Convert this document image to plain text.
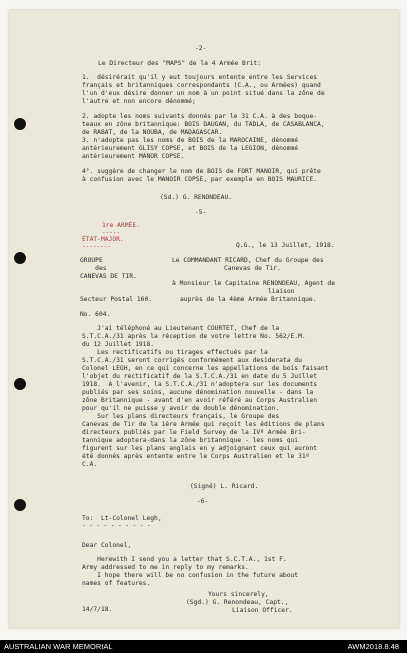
-2-

Le Directeur des "MAPS" de la 4 Armée Brit:

1.  désirérait qu'il y eut toujours entente entre les Services

français et britanniques correspondants (C.A., ou Armées) quand

l'un d'eux désire donner un nom à un point situé dans la zône de

l'autre et non encore dénommé;

2. adopte les noms suivants donnés par le 31 C.A. à des boque-

teaux en zône britannique: BOIS DAUGAN, du TADLA, de CASABLANCA,

de RABAT, de la NOUBA, de MADAGASCAR.

3. n'adopte pas les noms de BOIS de la MAROCAINE, dénommé

antérieurement GLISY COPSE, et BOIS de la LEGION, dénommé

antérieurement MANOR COPSE.

4°. suggère de changer le nom de BOIS de FORT MANOIR, qui prête

à confusion avec le MANOIR COPSE, par exemple en BOIS MAURICE.

(Sd.) G. RENONDEAU.

-5-

1re ARMÉE.

-----

ÉTAT-MAJOR.

--------	Q.G., le 13 Juillet, 1918.

GROUPE

des

CANEVAS DE TIR.

Le COMMANDANT RICARD, Chef du Groupe des

Canevas de Tir.

à Monsieur le Capitaine RENONDEAU, Agent de

liaison

Secteur Postal 160.	auprès de la 4ème Armée Britannique.

No. 604.

J'ai téléphoné au Lieutenant COURTET, Chef de la

S.T.C.A./31 après la réception de votre lettre No. 562/E.M.

du 12 Juillet 1918.

Les rectificatifs ou tirages effectués par la

S.T.C.A./31 seront corrigés conformément aux desiderata du

Colonel LEGH, en ce qui concerne les appellations de bois faisant

l'objet du rectificatif de la S.T.C.A./31 en date du 5 Juillet

1918.  A l'avenir, la S.T.C.A./31 n'adoptera sur les documents

publiés par ses soins, aucune dénomination nouvelle - dans la

zône Britannique - avant d'en avoir référé au Corps Australien

pour qu'il ne puisse y avoir de double dénomination.

Sur les plans directeurs français, le Groupe des

Canevas de Tir de la 1ère Armée qui reçoit les éditions de plans

directeurs publiés par le Field Survey de la IVº Armée Bri-

tannique adoptera-dans la zône britannique - les noms qui

figurent sur les plans anglais en y adjoignant ceux qui auront

été donnés après entente entre le Corps Australien et le 31º

C.A.

(Signé) L. Ricard.

-6-

To:  Lt-Colonel Legh,

- - - - - - - - - -

Dear Colonel,

Herewith I send you a letter that S.C.T.A., 1st F.

Army addressed to me in reply to my remarks.

I hope there will be no confusion in the future about

names of features.

Yours sincerely,

(Sgd.) G. Renondeau, Capt.,

14/7/18.	Liaison Officer.

AUSTRALIAN WAR MEMORIAL	AWM2018.8.48
